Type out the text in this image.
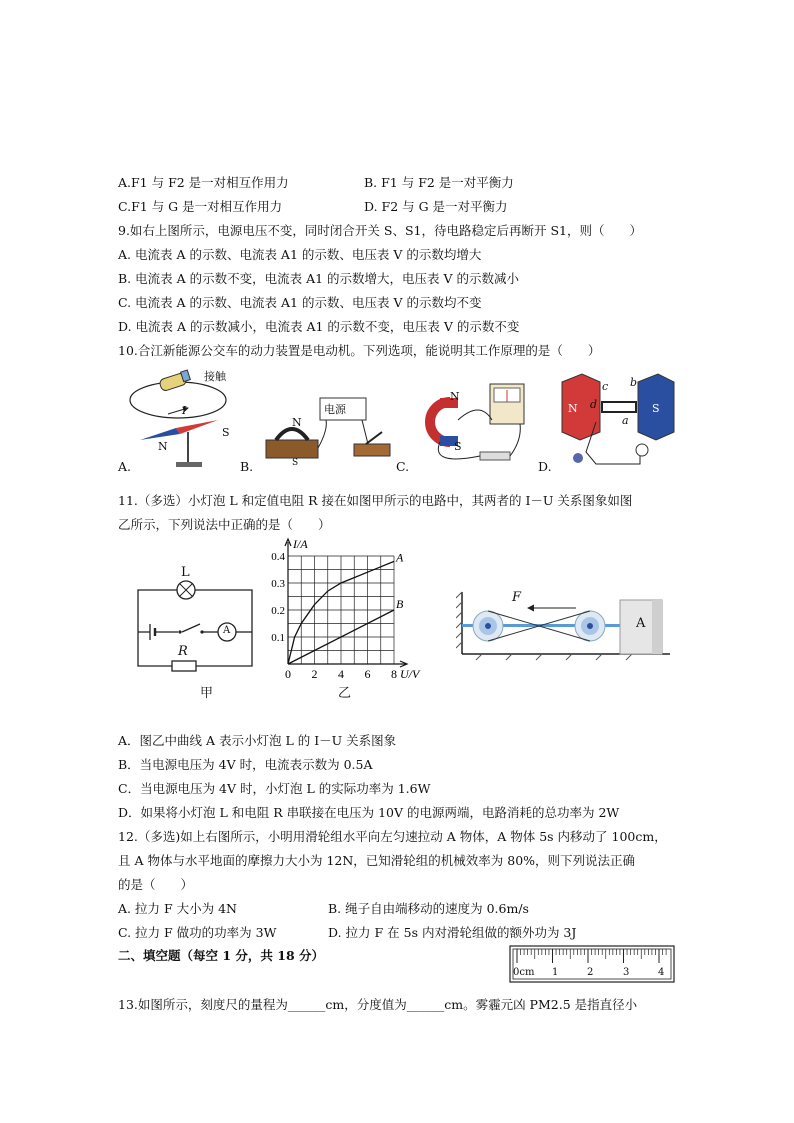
A.F1 与 F2 是一对相互作用力	B. F1 与 F2 是一对平衡力
C.F1 与 G 是一对相互作用力	D. F2 与 G 是一对平衡力
9.如右上图所示，电源电压不变，同时闭合开关 S、S1，待电路稳定后再断开 S1，则（　　）
A. 电流表 A 的示数、电流表 A1 的示数、电压表 V 的示数均增大
B. 电流表 A 的示数不变，电流表 A1 的示数增大，电压表 V 的示数减小
C. 电流表 A 的示数、电流表 A1 的示数、电压表 V 的示数均不变
D. 电流表 A 的示数减小，电流表 A1 的示数不变，电压表 V 的示数不变
10.合江新能源公交车的动力装置是电动机。下列选项，能说明其工作原理的是（　　）
接触
N
S
I
A.
电源
N
S
B.
N
S
C.
N	S
a
b
c
d
D.
11.（多选）小灯泡 L 和定值电阻 R 接在如图甲所示的电路中，其两者的 I－U 关系图象如图
乙所示，下列说法中正确的是（　　）
L
A
R
甲
0 2 4 6 8
0.1
0.2
0.3
0.4
I/A
U/V
A
B
乙
F
A
A．图乙中曲线 A 表示小灯泡 L 的 I－U 关系图象
B．当电源电压为 4V 时，电流表示数为 0.5A
C．当电源电压为 4V 时，小灯泡 L 的实际功率为 1.6W
D．如果将小灯泡 L 和电阻 R 串联接在电压为 10V 的电源两端，电路消耗的总功率为 2W
12.（多选)如上右图所示，小明用滑轮组水平向左匀速拉动 A 物体，A 物体 5s 内移动了 100cm，
且 A 物体与水平地面的摩擦力大小为 12N，已知滑轮组的机械效率为 80%，则下列说法正确
的是（　　）
A. 拉力 F 大小为 4N	B. 绳子自由端移动的速度为 0.6m/s
C. 拉力 F 做功的功率为 3W	D. 拉力 F 在 5s 内对滑轮组做的额外功为 3J
二、填空题（每空 1 分，共 18 分）
0cm 1	2	3	4
13.如图所示，刻度尺的量程为______cm，分度值为______cm。雾霾元凶 PM2.5 是指直径小
